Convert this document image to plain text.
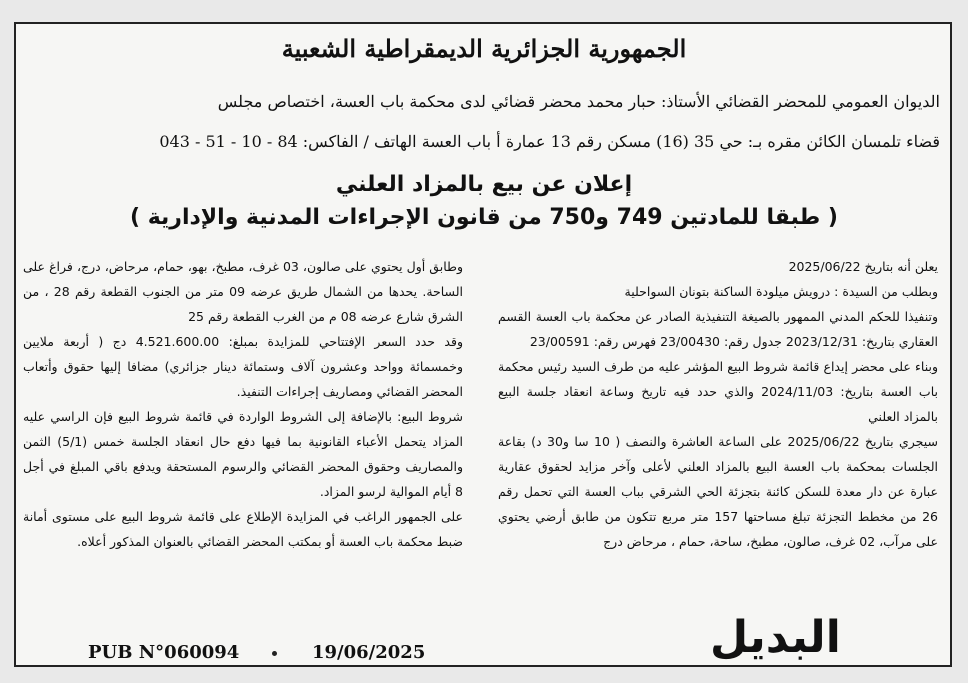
الجمهورية الجزائرية الديمقراطية الشعبية
الديوان العمومي للمحضر القضائي الأستاذ: حبار محمد محضر قضائي لدى محكمة باب العسة، اختصاص مجلس
قضاء تلمسان الكائن مقره بـ: حي 35 (16) مسكن رقم 13 عمارة أ باب العسة الهاتف / الفاكس: 84 - 10 - 51 - 043
إعلان عن بيع بالمزاد العلني
( طبقا للمادتين 749 و750 من قانون الإجراءات المدنية والإدارية )

يعلن أنه بتاريخ 2025/06/22

وبطلب من السيدة : درويش ميلودة الساكنة بتونان السواحلية

وتنفيذا للحكم المدني الممهور بالصيغة التنفيذية الصادر عن محكمة باب العسة القسم العقاري بتاريخ: 2023/12/31 جدول رقم: 23/00430 فهرس رقم: 23/00591

وبناء على محضر إيداع قائمة شروط البيع المؤشر عليه من طرف السيد رئيس محكمة باب العسة بتاريخ: 2024/11/03 والذي حدد فيه تاريخ وساعة انعقاد جلسة البيع بالمزاد العلني

سيجري بتاريخ 2025/06/22 على الساعة العاشرة والنصف ( 10 سا و30 د) بقاعة الجلسات بمحكمة باب العسة البيع بالمزاد العلني لأعلى وآخر مزايد لحقوق عقارية عبارة عن دار معدة للسكن كائنة بتجزئة الحي الشرقي بباب العسة التي تحمل رقم 26 من مخطط التجزئة تبلغ مساحتها 157 متر مربع تتكون من طابق أرضي يحتوي على مرآب، 02 غرف، صالون، مطبخ، ساحة، حمام ، مرحاض درج

وطابق أول يحتوي على صالون، 03 غرف، مطبخ، بهو، حمام، مرحاض، درج، فراغ على الساحة. يحدها من الشمال طريق عرضه 09 متر من الجنوب القطعة رقم 28 ، من الشرق شارع عرضه 08 م من الغرب القطعة رقم 25

وقد حدد السعر الإفتتاحي للمزايدة بمبلغ: 4.521.600.00 دج ( أربعة ملايين وخمسمائة وواحد وعشرون آلاف وستمائة دينار جزائري) مضافا إليها حقوق وأتعاب المحضر القضائي ومصاريف إجراءات التنفيذ.

شروط البيع: بالإضافة إلى الشروط الواردة في قائمة شروط البيع فإن الراسي عليه المزاد يتحمل الأعباء القانونية بما فيها دفع حال انعقاد الجلسة خمس (5/1) الثمن والمصاريف وحقوق المحضر القضائي والرسوم المستحقة ويدفع باقي المبلغ في أجل 8 أيام الموالية لرسو المزاد.

على الجمهور الراغب في المزايدة الإطلاع على قائمة شروط البيع على مستوى أمانة ضبط محكمة باب العسة أو بمكتب المحضر القضائي بالعنوان المذكور أعلاه.

PUB N°060094	19/06/2025	البديل
